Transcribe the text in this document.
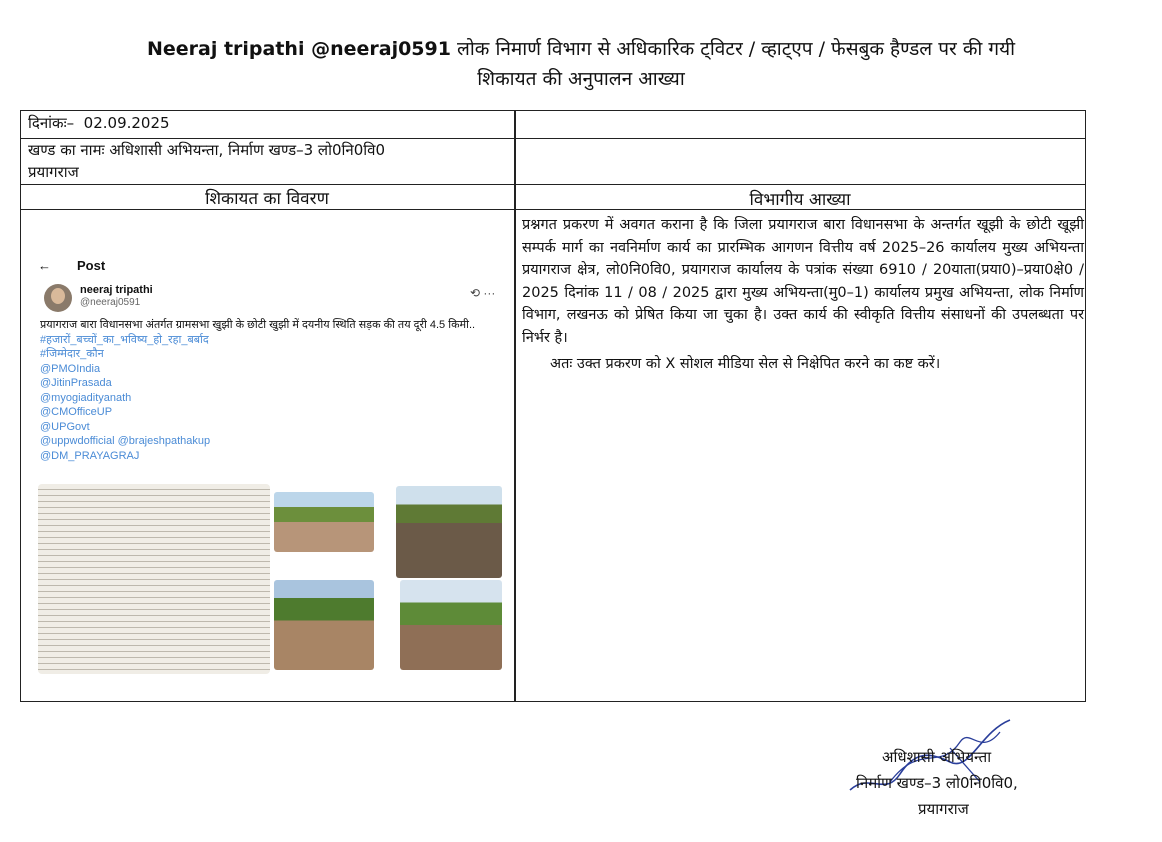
Neeraj tripathi @neeraj0591 लोक निमार्ण विभाग से अधिकारिक ट्विटर / व्हाट्एप / फेसबुक हैण्डल पर की गयी
शिकायत की अनुपालन आख्या
दिनांकः– 02.09.2025
खण्ड का नामः अधिशासी अभियन्ता, निर्माण खण्ड–3 लो0नि0वि0
प्रयागराज
शिकायत का विवरण	विभागीय आख्या
← Post
neeraj tripathi
@neeraj0591
⟲ ···
प्रयागराज बारा विधानसभा अंतर्गत ग्रामसभा खुझी के छोटी खुझी में दयनीय स्थिति सड़क की तय दूरी 4.5 किमी..
#हजारों_बच्चों_का_भविष्य_हो_रहा_बर्बाद
#जिम्मेदार_कौन
@PMOIndia
@JitinPrasada
@myogiadityanath
@CMOfficeUP
@UPGovt
@uppwdofficial @brajeshpathakup
@DM_PRAYAGRAJ

प्रश्नगत प्रकरण में अवगत कराना है कि जिला प्रयागराज बारा विधानसभा के अन्तर्गत खूझी के छोटी खूझी सम्पर्क मार्ग का नवनिर्माण कार्य का प्रारम्भिक आगणन वित्तीय वर्ष 2025–26 कार्यालय मुख्य अभियन्ता प्रयागराज क्षेत्र, लो0नि0वि0, प्रयागराज कार्यालय के पत्रांक संख्या 6910 / 20याता(प्रया0)–प्रया0क्षे0 / 2025 दिनांक 11 / 08 / 2025 द्वारा मुख्य अभियन्ता(मु0–1) कार्यालय प्रमुख अभियन्ता, लोक निर्माण विभाग, लखनऊ को प्रेषित किया जा चुका है। उक्त कार्य की स्वीकृति वित्तीय संसाधनों की उपलब्धता पर निर्भर है।

अतः उक्त प्रकरण को X सोशल मीडिया सेल से निक्षेपित करने का कष्ट करें।

अधिशासी अभियन्ता
निर्माण खण्ड–3 लो0नि0वि0,
प्रयागराज
